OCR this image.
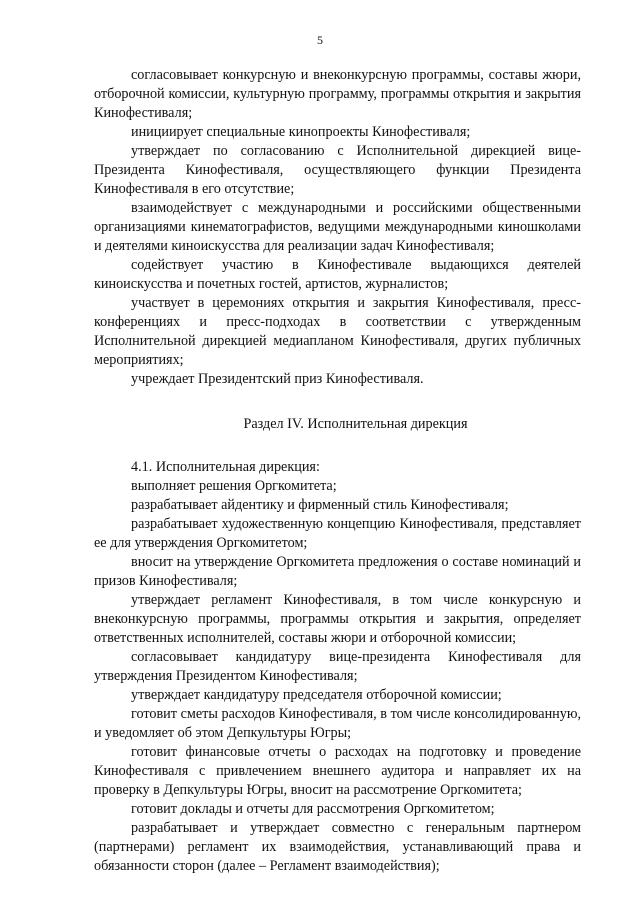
5

согласовывает конкурсную и внеконкурсную программы, составы жюри, отборочной комиссии, культурную программу, программы открытия и закрытия Кинофестиваля;

инициирует специальные кинопроекты Кинофестиваля;

утверждает по согласованию с Исполнительной дирекцией вице-Президента Кинофестиваля, осуществляющего функции Президента Кинофестиваля в его отсутствие;

взаимодействует с международными и российскими общественными организациями кинематографистов, ведущими международными киношколами и деятелями киноискусства для реализации задач Кинофестиваля;

содействует участию в Кинофестивале выдающихся деятелей киноискусства и почетных гостей, артистов, журналистов;

участвует в церемониях открытия и закрытия Кинофестиваля, пресс-конференциях и пресс-подходах в соответствии с утвержденным Исполнительной дирекцией медиапланом Кинофестиваля, других публичных мероприятиях;

учреждает Президентский приз Кинофестиваля.

Раздел IV. Исполнительная дирекция

4.1. Исполнительная дирекция:

выполняет решения Оргкомитета;

разрабатывает айдентику и фирменный стиль Кинофестиваля;

разрабатывает художественную концепцию Кинофестиваля, представляет ее для утверждения Оргкомитетом;

вносит на утверждение Оргкомитета предложения о составе номинаций и призов Кинофестиваля;

утверждает регламент Кинофестиваля, в том числе конкурсную и внеконкурсную программы, программы открытия и закрытия, определяет ответственных исполнителей, составы жюри и отборочной комиссии;

согласовывает кандидатуру вице-президента Кинофестиваля для утверждения Президентом Кинофестиваля;

утверждает кандидатуру председателя отборочной комиссии;

готовит сметы расходов Кинофестиваля, в том числе консолидированную, и уведомляет об этом Депкультуры Югры;

готовит финансовые отчеты о расходах на подготовку и проведение Кинофестиваля с привлечением внешнего аудитора и направляет их на проверку в Депкультуры Югры, вносит на рассмотрение Оргкомитета;

готовит доклады и отчеты для рассмотрения Оргкомитетом;

разрабатывает и утверждает совместно с генеральным партнером (партнерами) регламент их взаимодействия, устанавливающий права и обязанности сторон (далее – Регламент взаимодействия);
